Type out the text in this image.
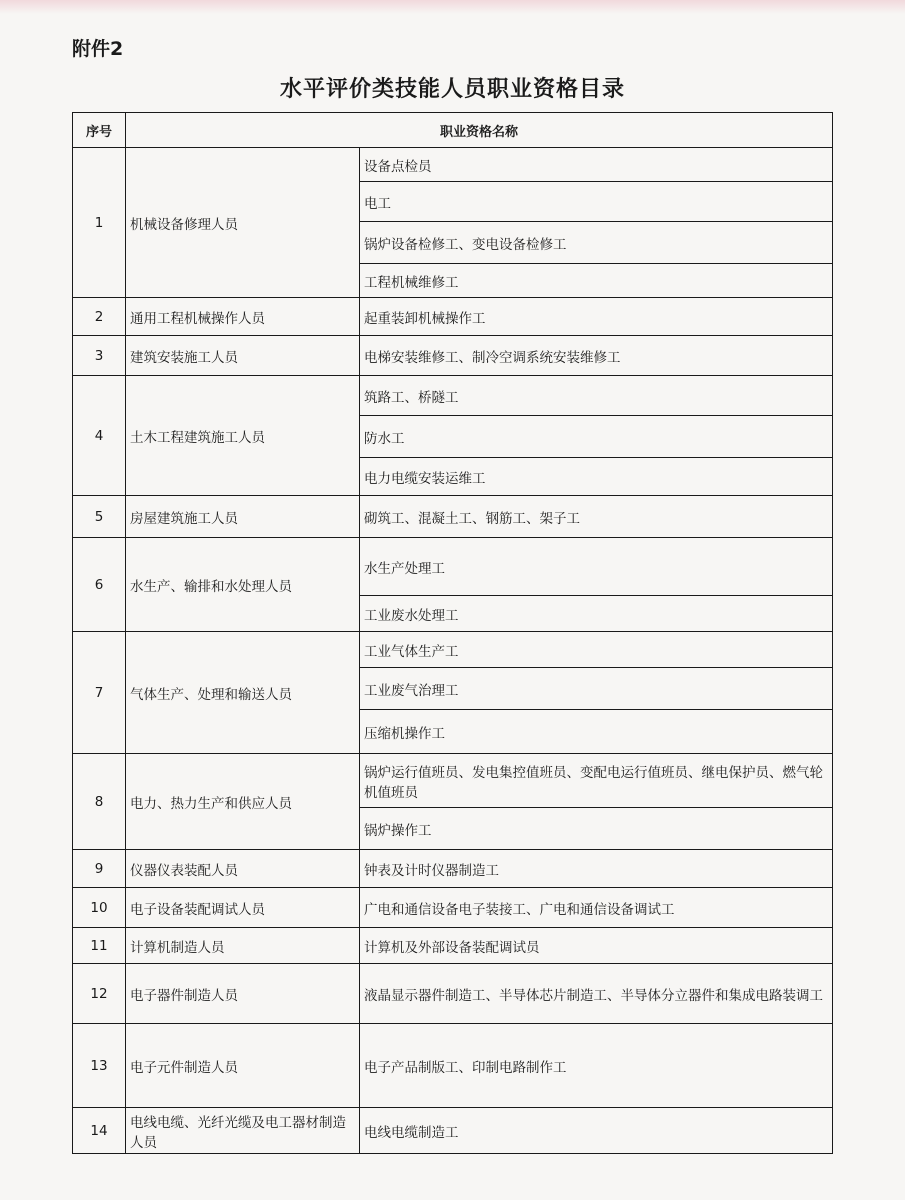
附件2
水平评价类技能人员职业资格目录
序号	职业资格名称	
1	机械设备修理人员	设备点检员
		电工
		锅炉设备检修工、变电设备检修工
		工程机械维修工
2	通用工程机械操作人员	起重装卸机械操作工
3	建筑安装施工人员	电梯安装维修工、制冷空调系统安装维修工
4	土木工程建筑施工人员	筑路工、桥隧工
		防水工
		电力电缆安装运维工
5	房屋建筑施工人员	砌筑工、混凝土工、钢筋工、架子工
6	水生产、输排和水处理人员	水生产处理工
		工业废水处理工
7	气体生产、处理和输送人员	工业气体生产工
		工业废气治理工
		压缩机操作工
8	电力、热力生产和供应人员	锅炉运行值班员、发电集控值班员、变配电运行值班员、继电保护员、燃气轮机值班员
		锅炉操作工
9	仪器仪表装配人员	钟表及计时仪器制造工
10	电子设备装配调试人员	广电和通信设备电子装接工、广电和通信设备调试工
11	计算机制造人员	计算机及外部设备装配调试员
12	电子器件制造人员	液晶显示器件制造工、半导体芯片制造工、半导体分立器件和集成电路装调工
13	电子元件制造人员	电子产品制版工、印制电路制作工
14	电线电缆、光纤光缆及电工器材制造人员	电线电缆制造工
